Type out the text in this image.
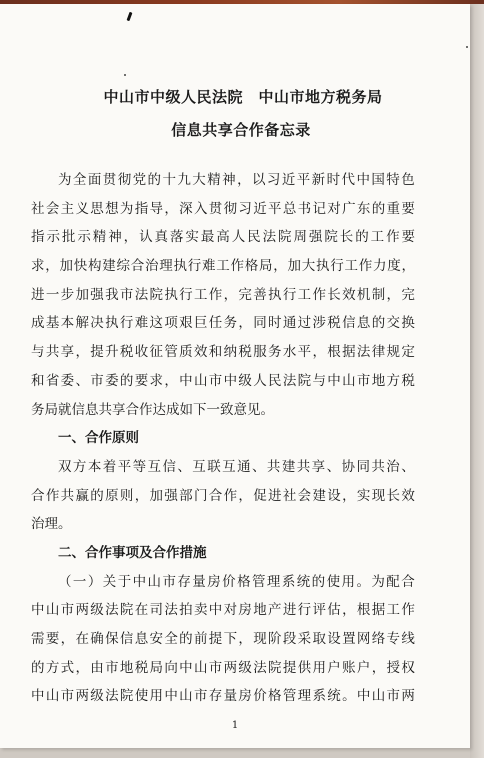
中山市中级人民法院　中山市地方税务局
信息共享合作备忘录
为 全 面 贯 彻 党 的 十 九 大 精 神 ， 以 习 近 平 新 时 代 中 国 特 色
社 会 主 义 思 想 为 指 导 ， 深 入 贯 彻 习 近 平 总 书 记 对 广 东 的 重 要
指 示 批 示 精 神 ， 认 真 落 实 最 高 人 民 法 院 周 强 院 长 的 工 作 要
求 ， 加 快 构 建 综 合 治 理 执 行 难 工 作 格 局 ， 加 大 执 行 工 作 力 度 ，
进 一 步 加 强 我 市 法 院 执 行 工 作 ， 完 善 执 行 工 作 长 效 机 制 ， 完
成 基 本 解 决 执 行 难 这 项 艰 巨 任 务 ， 同 时 通 过 涉 税 信 息 的 交 换
与 共 享 ， 提 升 税 收 征 管 质 效 和 纳 税 服 务 水 平 ， 根 据 法 律 规 定
和 省 委 、 市 委 的 要 求 ， 中 山 市 中 级 人 民 法 院 与 中 山 市 地 方 税
务局就信息共享合作达成如下一致意见。
一、合作原则
双 方 本 着 平 等 互 信 、 互 联 互 通 、 共 建 共 享 、 协 同 共 治 、
合 作 共 赢 的 原 则 ， 加 强 部 门 合 作 ， 促 进 社 会 建 设 ， 实 现 长 效
治理。
二、合作事项及合作措施
（ 一 ） 关 于 中 山 市 存 量 房 价 格 管 理 系 统 的 使 用 。 为 配 合
中 山 市 两 级 法 院 在 司 法 拍 卖 中 对 房 地 产 进 行 评 估 ， 根 据 工 作
需 要 ， 在 确 保 信 息 安 全 的 前 提 下 ， 现 阶 段 采 取 设 置 网 络 专 线
的 方 式 ， 由 市 地 税 局 向 中 山 市 两 级 法 院 提 供 用 户 账 户 ， 授 权
中 山 市 两 级 法 院 使 用 中 山 市 存 量 房 价 格 管 理 系 统 。 中 山 市 两
1
